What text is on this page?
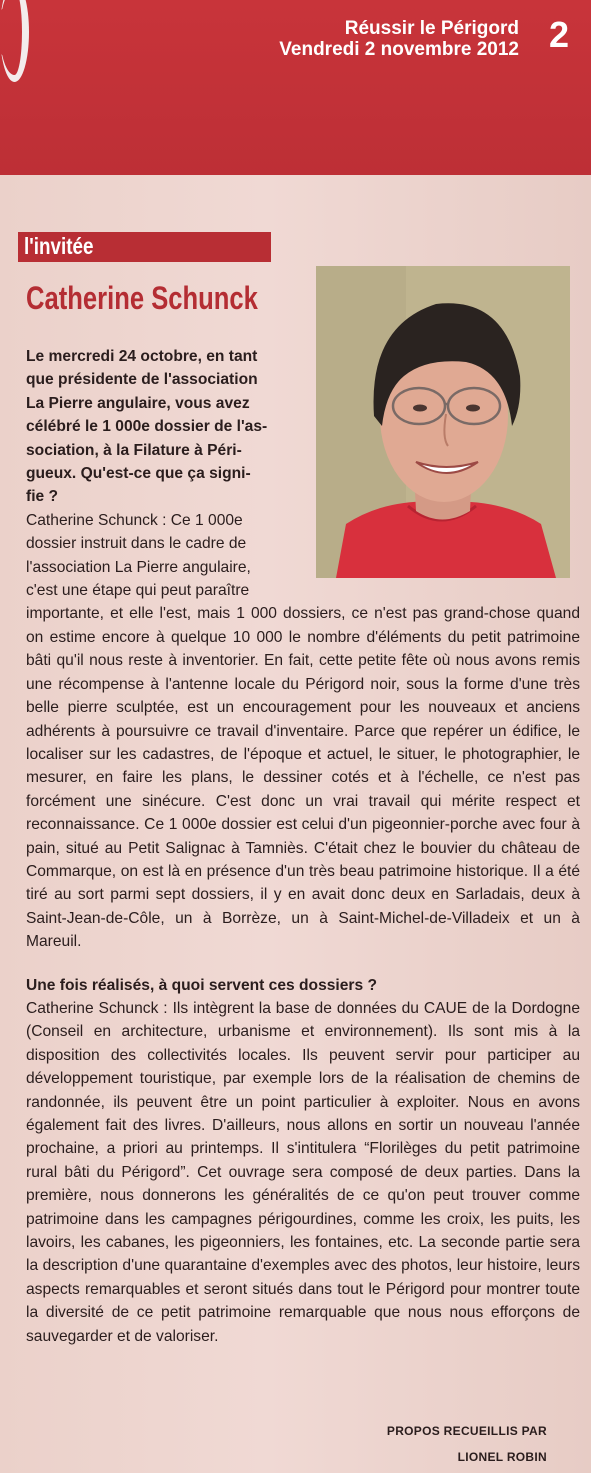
Réussir le Périgord
Vendredi 2 novembre 2012 2
l'invitée
Catherine Schunck

Le mercredi 24 octobre, en tant

que présidente de l'association

La Pierre angulaire, vous avez

célébré le 1 000e dossier de l'as-

sociation, à la Filature à Péri-

gueux. Qu'est-ce que ça signi-

fie ?

Catherine Schunck : Ce 1 000e

dossier instruit dans le cadre de

l'association La Pierre angulaire,

c'est une étape qui peut paraître

importante, et elle l'est, mais 1 000 dossiers, ce n'est pas grand-chose quand on estime encore à quelque 10 000 le nombre d'éléments du petit patrimoine bâti qu'il nous reste à inventorier. En fait, cette petite fête où nous avons remis une récompense à l'antenne locale du Périgord noir, sous la forme d'une très belle pierre sculptée, est un encouragement pour les nouveaux et anciens adhérents à poursuivre ce travail d'inventaire. Parce que repérer un édifice, le localiser sur les cadastres, de l'époque et actuel, le situer, le photographier, le mesurer, en faire les plans, le dessiner cotés et à l'échelle, ce n'est pas forcément une sinécure. C'est donc un vrai travail qui mérite respect et reconnaissance. Ce 1 000e dossier est celui d'un pigeonnier-porche avec four à pain, situé au Petit Salignac à Tamniès. C'était chez le bouvier du château de Commarque, on est là en présence d'un très beau patrimoine historique. Il a été tiré au sort parmi sept dossiers, il y en avait donc deux en Sarladais, deux à Saint-Jean-de-Côle, un à Borrèze, un à Saint-Michel-de-Villadeix et un à Mareuil.

Une fois réalisés, à quoi servent ces dossiers ?

Catherine Schunck : Ils intègrent la base de données du CAUE de la Dordogne (Conseil en architecture, urbanisme et environnement). Ils sont mis à la disposition des collectivités locales. Ils peuvent servir pour participer au développement touristique, par exemple lors de la réalisation de chemins de randonnée, ils peuvent être un point particulier à exploiter. Nous en avons également fait des livres. D'ailleurs, nous allons en sortir un nouveau l'année prochaine, a priori au printemps. Il s'intitulera “Florilèges du petit patrimoine rural bâti du Périgord”. Cet ouvrage sera composé de deux parties. Dans la première, nous donnerons les généralités de ce qu'on peut trouver comme patrimoine dans les campagnes périgourdines, comme les croix, les puits, les lavoirs, les cabanes, les pigeonniers, les fontaines, etc. La seconde partie sera la description d'une quarantaine d'exemples avec des photos, leur histoire, leurs aspects remarquables et seront situés dans tout le Périgord pour montrer toute la diversité de ce petit patrimoine remarquable que nous nous efforçons de sauvegarder et de valoriser.

PROPOS RECUEILLIS PAR
LIONEL ROBIN
